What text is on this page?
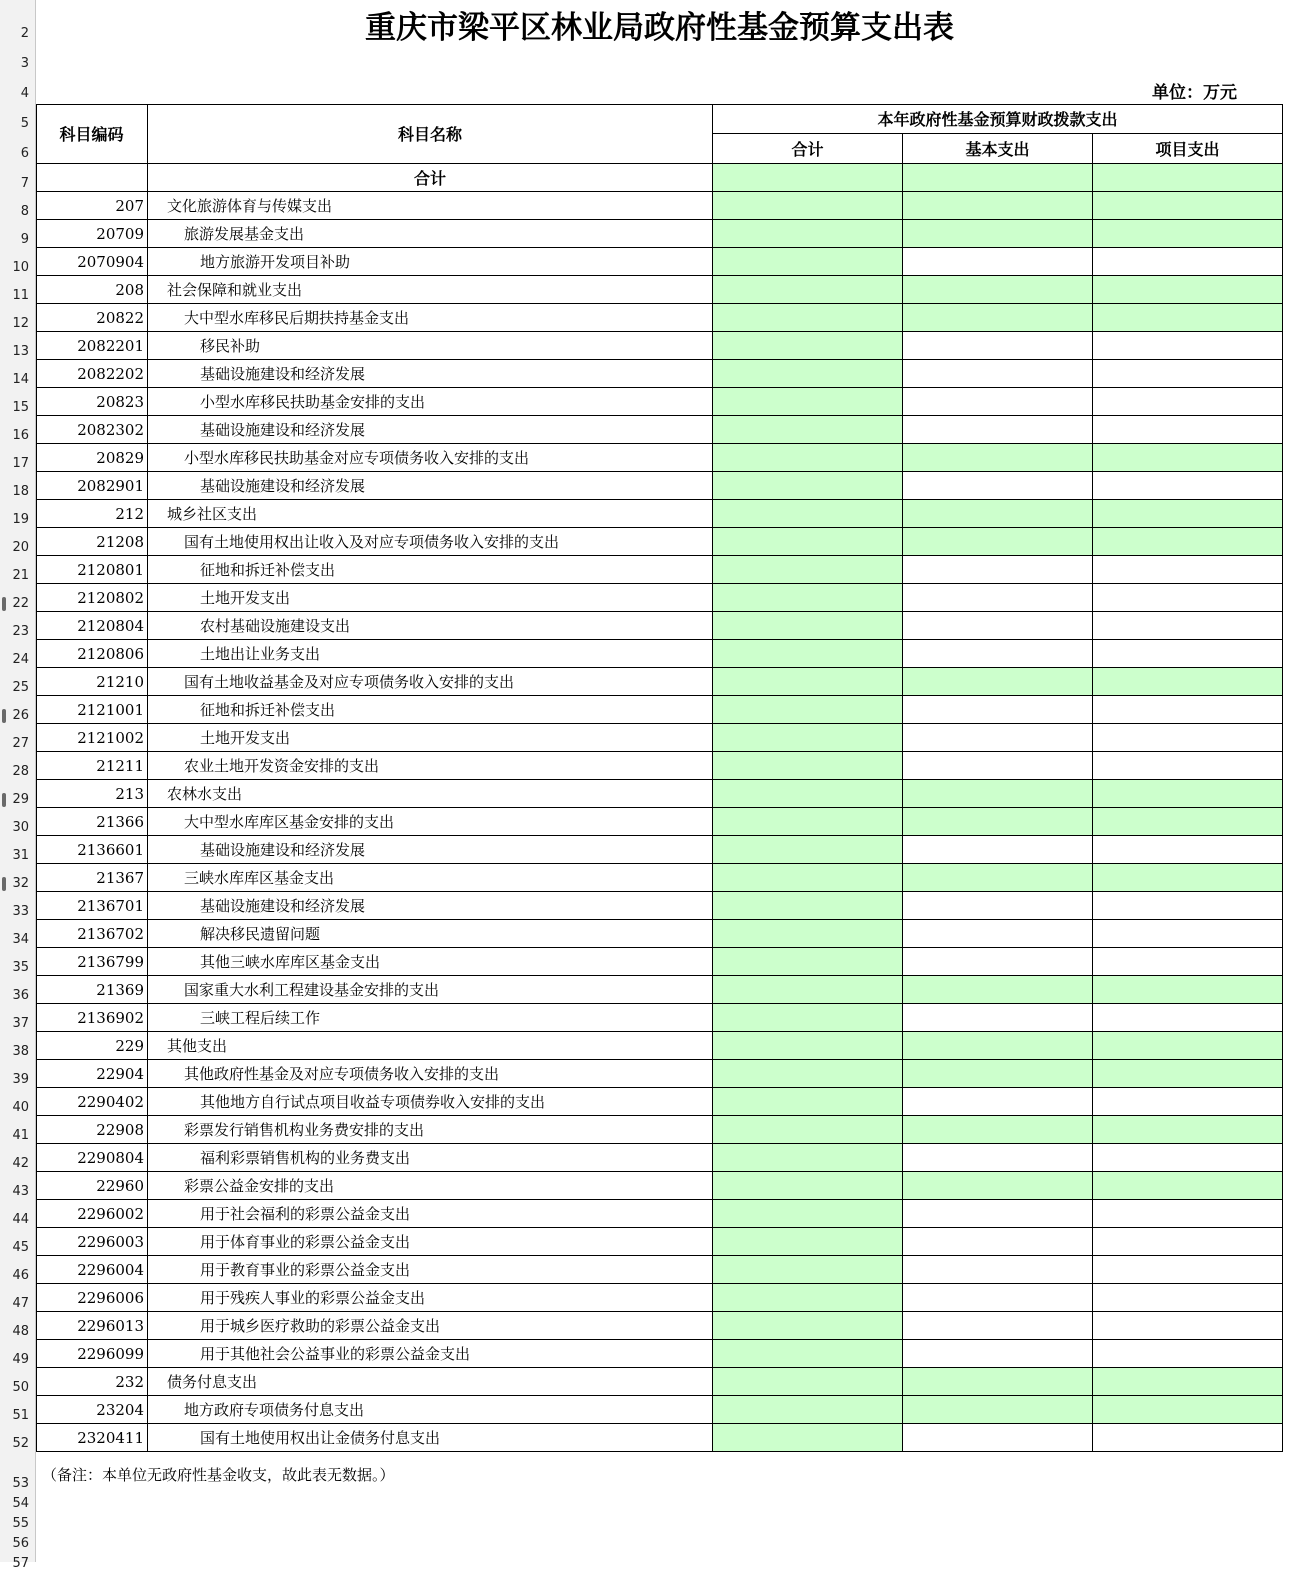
2
3
4
5
6
7
8
9
10
11
12
13
14
15
16
17
18
19
20
21
22
23
24
25
26
27
28
29
30
31
32
33
34
35
36
37
38
39
40
41
42
43
44
45
46
47
48
49
50
51
52
53
54
55
56
57
重庆市梁平区林业局政府性基金预算支出表
单位：万元
科目编码	科目名称
本年政府性基金预算财政拨款支出
合计	基本支出	项目支出
合计
207	文化旅游体育与传媒支出
20709	旅游发展基金支出
2070904	地方旅游开发项目补助
208	社会保障和就业支出
20822	大中型水库移民后期扶持基金支出
2082201	移民补助
2082202	基础设施建设和经济发展
20823	小型水库移民扶助基金安排的支出
2082302	基础设施建设和经济发展
20829	小型水库移民扶助基金对应专项债务收入安排的支出
2082901	基础设施建设和经济发展
212	城乡社区支出
21208	国有土地使用权出让收入及对应专项债务收入安排的支出
2120801	征地和拆迁补偿支出
2120802	土地开发支出
2120804	农村基础设施建设支出
2120806	土地出让业务支出
21210	国有土地收益基金及对应专项债务收入安排的支出
2121001	征地和拆迁补偿支出
2121002	土地开发支出
21211	农业土地开发资金安排的支出
213	农林水支出
21366	大中型水库库区基金安排的支出
2136601	基础设施建设和经济发展
21367	三峡水库库区基金支出
2136701	基础设施建设和经济发展
2136702	解决移民遗留问题
2136799	其他三峡水库库区基金支出
21369	国家重大水利工程建设基金安排的支出
2136902	三峡工程后续工作
229	其他支出
22904	其他政府性基金及对应专项债务收入安排的支出
2290402	其他地方自行试点项目收益专项债券收入安排的支出
22908	彩票发行销售机构业务费安排的支出
2290804	福利彩票销售机构的业务费支出
22960	彩票公益金安排的支出
2296002	用于社会福利的彩票公益金支出
2296003	用于体育事业的彩票公益金支出
2296004	用于教育事业的彩票公益金支出
2296006	用于残疾人事业的彩票公益金支出
2296013	用于城乡医疗救助的彩票公益金支出
2296099	用于其他社会公益事业的彩票公益金支出
232	债务付息支出
23204	地方政府专项债务付息支出
2320411	国有土地使用权出让金债务付息支出
（备注：本单位无政府性基金收支，故此表无数据。）
